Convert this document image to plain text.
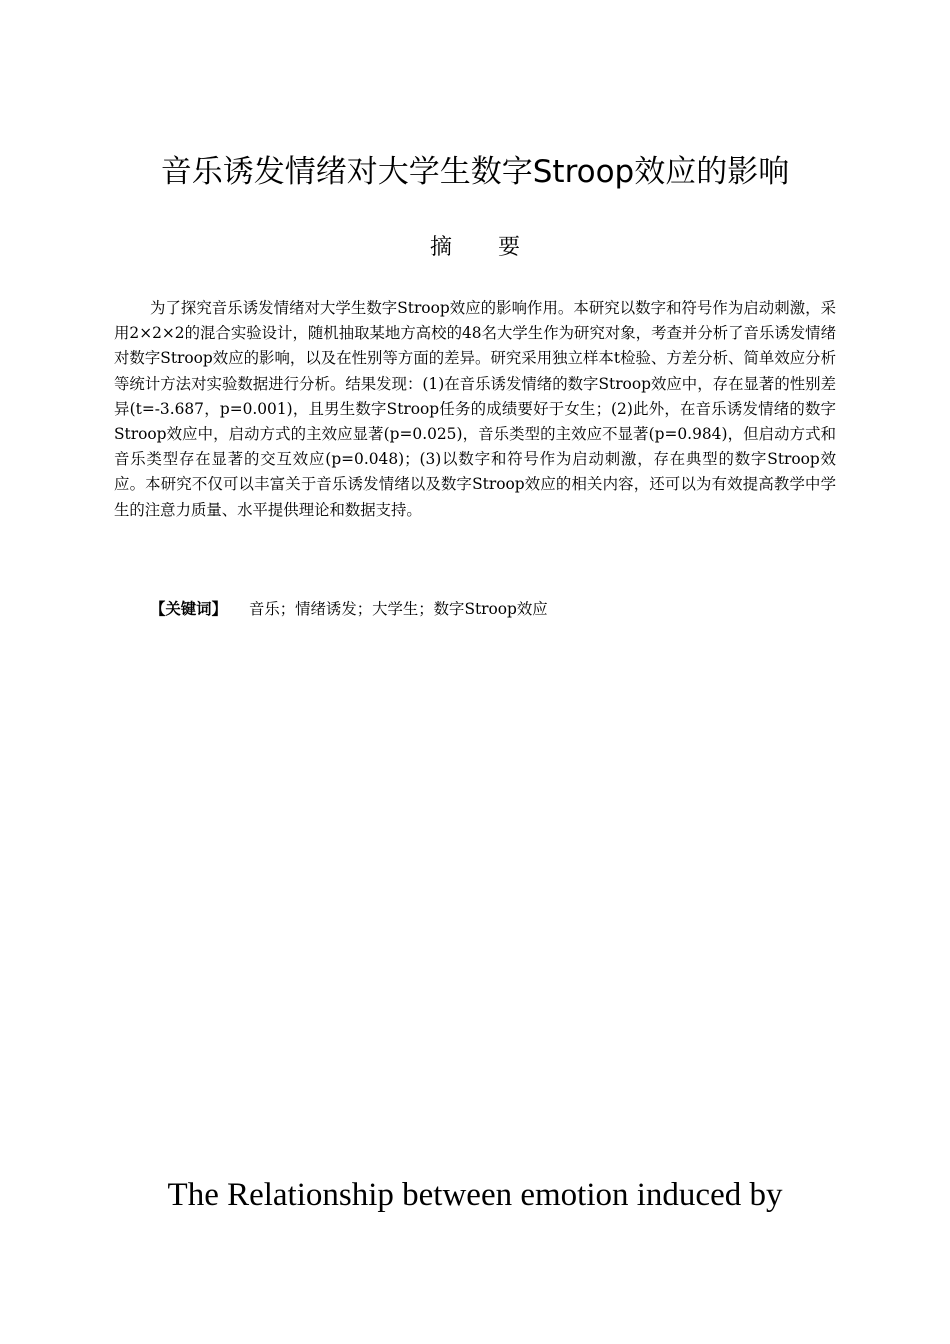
音乐诱发情绪对大学生数字Stroop效应的影响
摘要
为了探究音乐诱发情绪对大学生数字Stroop效应的影响作用。本研究以数字和符号作为启动刺激，采用2×2×2的混合实验设计，随机抽取某地方高校的48名大学生作为研究对象，考查并分析了音乐诱发情绪对数字Stroop效应的影响，以及在性别等方面的差异。研究采用独立样本t检验、方差分析、简单效应分析等统计方法对实验数据进行分析。结果发现：(1)在音乐诱发情绪的数字Stroop效应中，存在显著的性别差异(t=-3.687，p=0.001)，且男生数字Stroop任务的成绩要好于女生；(2)此外，在音乐诱发情绪的数字Stroop效应中，启动方式的主效应显著(p=0.025)，音乐类型的主效应不显著(p=0.984)，但启动方式和音乐类型存在显著的交互效应(p=0.048)；(3)以数字和符号作为启动刺激，存在典型的数字Stroop效应。本研究不仅可以丰富关于音乐诱发情绪以及数字Stroop效应的相关内容，还可以为有效提高教学中学生的注意力质量、水平提供理论和数据支持。
【关键词】 音乐；情绪诱发；大学生；数字Stroop效应
The Relationship between emotion induced by
